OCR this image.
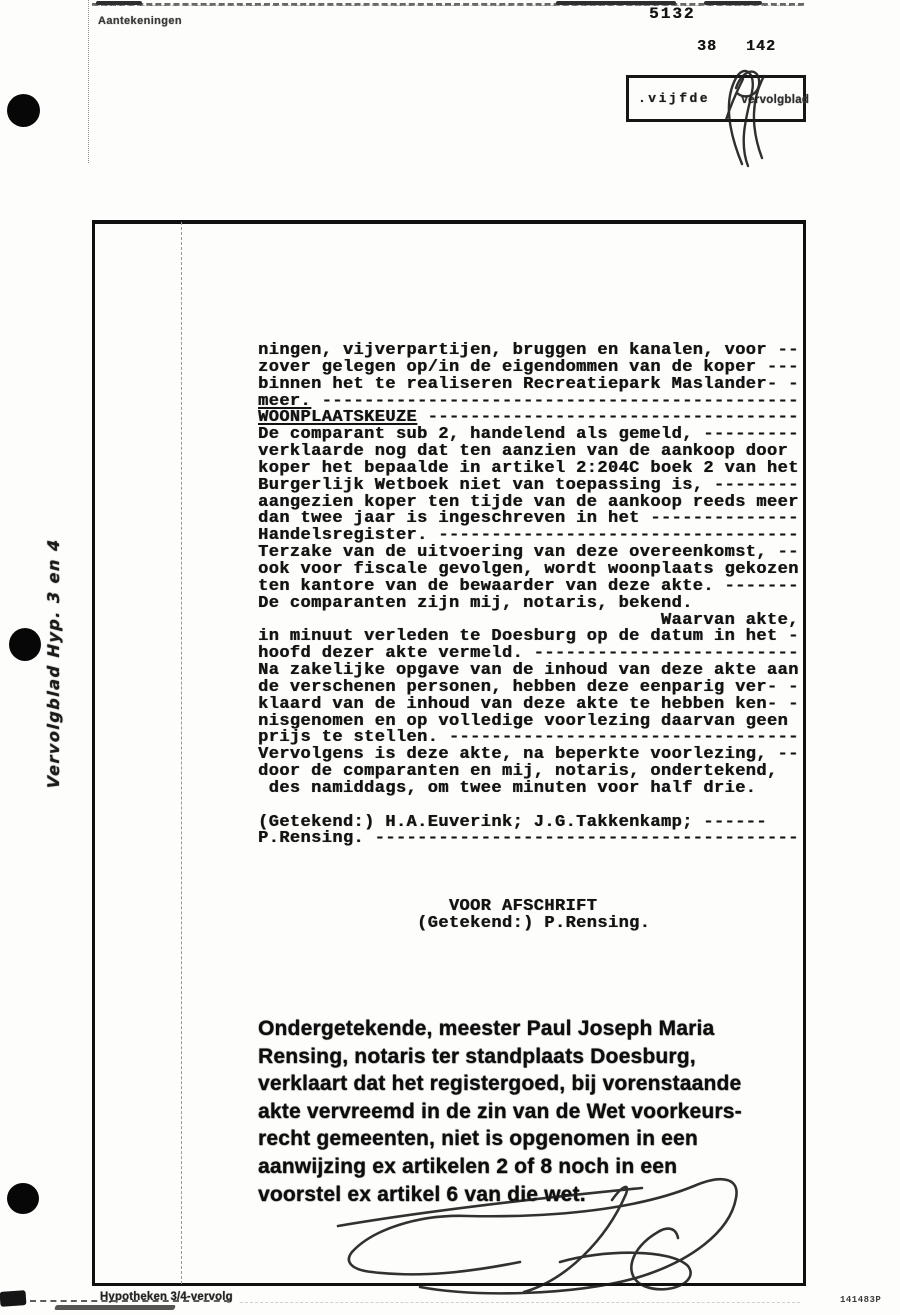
Aantekeningen	5132
38 142
.vijfde	vervolgblad
Vervolgblad Hyp. 3 en 4
ningen, vijverpartijen, bruggen en kanalen, voor --
zover gelegen op/in de eigendommen van de koper ---
binnen het te realiseren Recreatiepark Maslander- -
meer. ---------------------------------------------
WOONPLAATSKEUZE -----------------------------------
De comparant sub 2, handelend als gemeld, ---------
verklaarde nog dat ten aanzien van de aankoop door
koper het bepaalde in artikel 2:204C boek 2 van het
Burgerlijk Wetboek niet van toepassing is, --------
aangezien koper ten tijde van de aankoop reeds meer
dan twee jaar is ingeschreven in het --------------
Handelsregister. ----------------------------------
Terzake van de uitvoering van deze overeenkomst, --
ook voor fiscale gevolgen, wordt woonplaats gekozen
ten kantore van de bewaarder van deze akte. -------
De comparanten zijn mij, notaris, bekend.
Waarvan akte,
in minuut verleden te Doesburg op de datum in het -
hoofd dezer akte vermeld. -------------------------
Na zakelijke opgave van de inhoud van deze akte aan
de verschenen personen, hebben deze eenparig ver- -
klaard van de inhoud van deze akte te hebben ken- -
nisgenomen en op volledige voorlezing daarvan geen
prijs te stellen. ---------------------------------
Vervolgens is deze akte, na beperkte voorlezing, --
door de comparanten en mij, notaris, ondertekend,
des namiddags, om twee minuten voor half drie.
(Getekend:) H.A.Euverink; J.G.Takkenkamp; ------
P.Rensing. ----------------------------------------
VOOR AFSCHRIFT
(Getekend:) P.Rensing.
Ondergetekende, meester Paul Joseph Maria
Rensing, notaris ter standplaats Doesburg,
verklaart dat het registergoed, bij vorenstaande
akte vervreemd in de zin van de Wet voorkeurs-
recht gemeenten, niet is opgenomen in een
aanwijzing ex artikelen 2 of 8 noch in een
voorstel ex artikel 6 van die wet.
Hypotheken 3/4-vervolg	141483P
